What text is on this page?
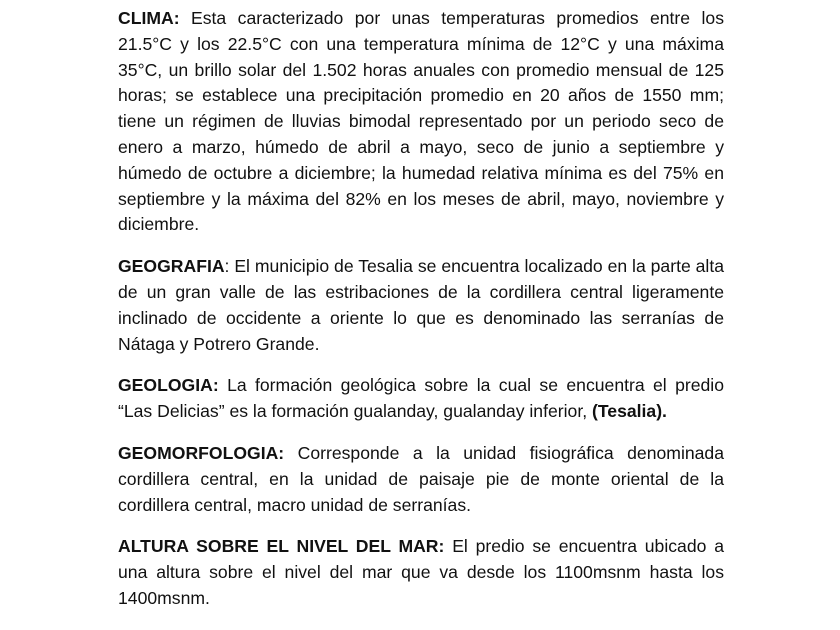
CLIMA: Esta caracterizado por unas temperaturas promedios entre los 21.5°C y los 22.5°C con una temperatura mínima de 12°C y una máxima 35°C, un brillo solar del 1.502 horas anuales con promedio mensual de 125 horas; se establece una precipitación promedio en 20 años de 1550 mm; tiene un régimen de lluvias bimodal representado por un periodo seco de enero a marzo, húmedo de abril a mayo, seco de junio a septiembre y húmedo de octubre a diciembre; la humedad relativa mínima es del 75% en septiembre y la máxima del 82% en los meses de abril, mayo, noviembre y diciembre.

GEOGRAFIA: El municipio de Tesalia se encuentra localizado en la parte alta de un gran valle de las estribaciones de la cordillera central ligeramente inclinado de occidente a oriente lo que es denominado las serranías de Nátaga y Potrero Grande.

GEOLOGIA: La formación geológica sobre la cual se encuentra el predio “Las Delicias” es la formación gualanday, gualanday inferior, (Tesalia).

GEOMORFOLOGIA: Corresponde a la unidad fisiográfica denominada cordillera central, en la unidad de paisaje pie de monte oriental de la cordillera central, macro unidad de serranías.

ALTURA SOBRE EL NIVEL DEL MAR: El predio se encuentra ubicado a una altura sobre el nivel del mar que va desde los 1100msnm hasta los 1400msnm.
